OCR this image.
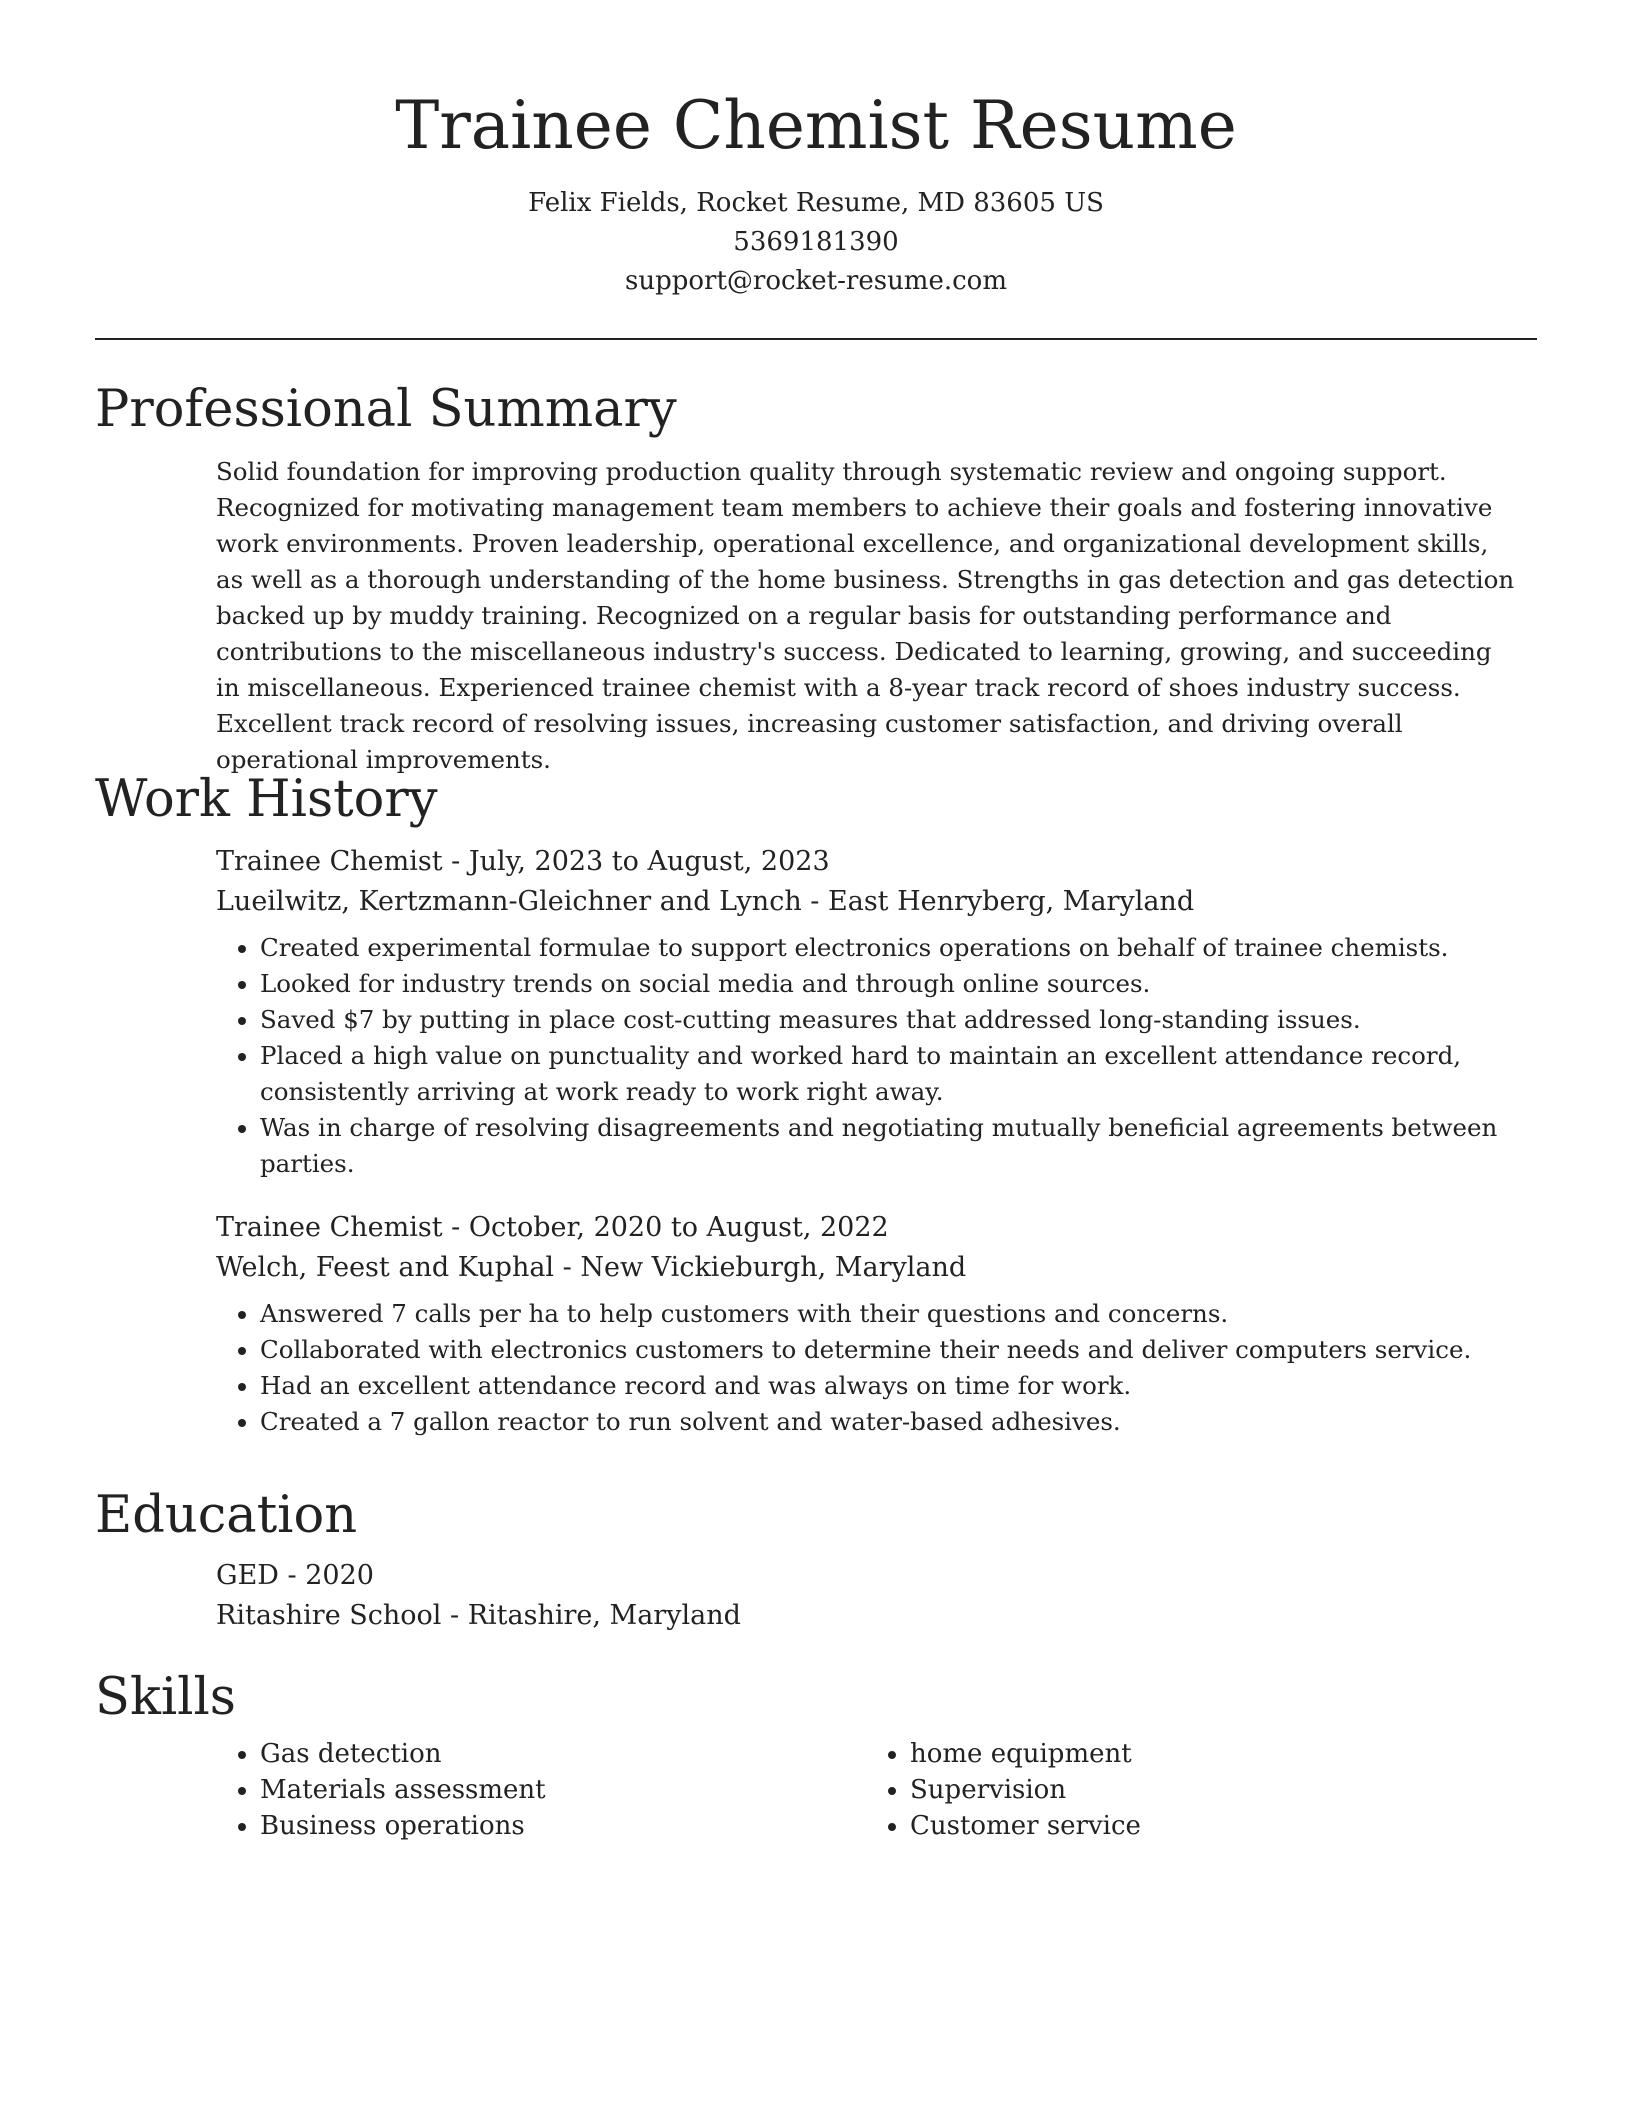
Trainee Chemist Resume
Felix Fields, Rocket Resume, MD 83605 US
5369181390
support@rocket-resume.com
Professional Summary
Solid foundation for improving production quality through systematic review and ongoing support. Recognized for motivating management team members to achieve their goals and fostering innovative work environments. Proven leadership, operational excellence, and organizational development skills, as well as a thorough understanding of the home business. Strengths in gas detection and gas detection backed up by muddy training. Recognized on a regular basis for outstanding performance and contributions to the miscellaneous industry's success. Dedicated to learning, growing, and succeeding in miscellaneous. Experienced trainee chemist with a 8-year track record of shoes industry success. Excellent track record of resolving issues, increasing customer satisfaction, and driving overall operational improvements.
Work History
Trainee Chemist - July, 2023 to August, 2023
Lueilwitz, Kertzmann-Gleichner and Lynch - East Henryberg, Maryland
• Created experimental formulae to support electronics operations on behalf of trainee chemists.
• Looked for industry trends on social media and through online sources.
• Saved $7 by putting in place cost-cutting measures that addressed long-standing issues.
• Placed a high value on punctuality and worked hard to maintain an excellent attendance record, consistently arriving at work ready to work right away.
• Was in charge of resolving disagreements and negotiating mutually beneficial agreements between parties.
Trainee Chemist - October, 2020 to August, 2022
Welch, Feest and Kuphal - New Vickieburgh, Maryland
• Answered 7 calls per ha to help customers with their questions and concerns.
• Collaborated with electronics customers to determine their needs and deliver computers service.
• Had an excellent attendance record and was always on time for work.
• Created a 7 gallon reactor to run solvent and water-based adhesives.
Education
GED - 2020
Ritashire School - Ritashire, Maryland
Skills
• Gas detection
• Materials assessment
• Business operations
• home equipment
• Supervision
• Customer service
